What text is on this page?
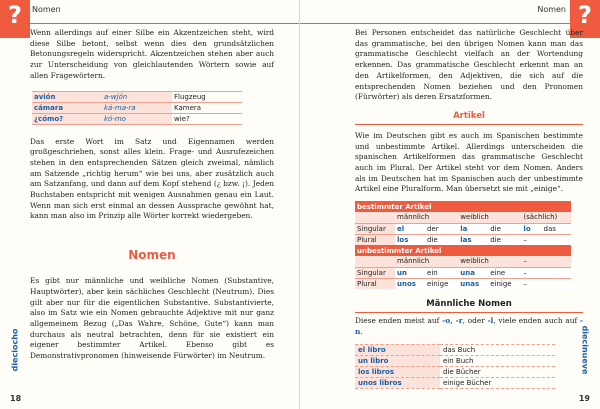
?	Nomen

Wenn allerdings auf einer Silbe ein Akzentzeichen steht, wird diese Silbe betont, selbst wenn dies den grundsätzlichen Betonungsregeln widerspricht. Akzentzeichen stehen aber auch zur Unterscheidung von gleichlautenden Wörtern sowie auf allen Fragewörtern.

avión	a-wjón	Flugzeug
cámara	ká-ma-ra	Kamera
¿cómo?	kó-mo	wie?

Das erste Wort im Satz und Eigennamen werden großgeschrieben, sonst alles klein. Frage- und Ausrufezeichen stehen in den entsprechenden Sätzen gleich zweimal, nämlich am Satzende „richtig herum“ wie bei uns, aber zusätzlich auch am Satzanfang, und dann auf dem Kopf stehend (¿ bzw. ¡). Jeden Buchstaben entspricht mit wenigen Ausnahmen genau ein Laut. Wenn man sich erst einmal an dessen Aussprache gewöhnt hat, kann man also im Prinzip alle Wörter korrekt wiedergeben.

Nomen

Es gibt nur männliche und weibliche Nomen (Substantive, Hauptwörter), aber kein sächliches Geschlecht (Neutrum). Dies gilt aber nur für die eigentlichen Substantive. Substantivierte, also im Satz wie ein Nomen gebrauchte Adjektive mit nur ganz allgemeinem Bezug („Das Wahre, Schöne, Gute“) kann man durchaus als neutral betrachten, denn für sie existiert ein eigener bestimmter Artikel. Ebenso gibt es Demonstrativpronomen (hinweisende Fürwörter) im Neutrum.

dieciocho
18
?
Nomen

Bei Personen entscheidet das natürliche Geschlecht über das grammatische, bei den übrigen Nomen kann man das grammatische Geschlecht vielfach an der Wortendung erkennen. Das grammatische Geschlecht erkennt man an den Artikelformen, den Adjektiven, die sich auf die entsprechenden Nomen beziehen und den Pronomen (Fürwörter) als deren Ersatzformen.

Artikel

Wie im Deutschen gibt es auch im Spanischen bestimmte und unbestimmte Artikel. Allerdings unterscheiden die spanischen Artikelformen das grammatische Geschlecht auch im Plural. Der Artikel steht vor dem Nomen. Anders als im Deutschen hat im Spanischen auch der unbestimmte Artikel eine Pluralform. Man übersetzt sie mit „einige“.

bestimmter Artikel						
	männlich		weiblich		(sächlich)	
Singular	el	der	la	die	lo	das
Plural	los	die	las	die	–	
unbestimmter Artikel						
	männlich		weiblich		–	
Singular	un	ein	una	eine	–	
Plural	unos	einige	unas	einige	–	
Männliche Nomen

Diese enden meist auf -o, -r, oder -l, viele enden auch auf -n.

el libro	das Buch
un libro	ein Buch
los libros	die Bücher
unos libros	einige Bücher
diecinueve
19
